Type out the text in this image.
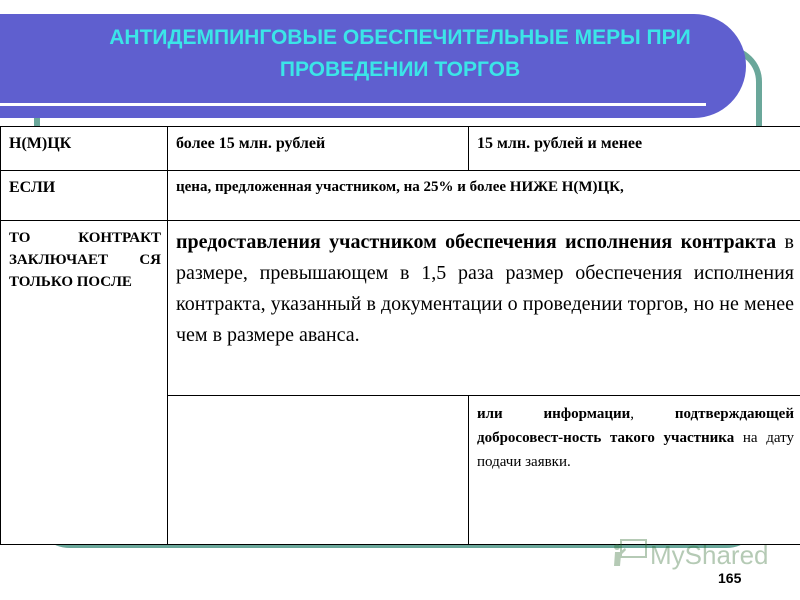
АНТИДЕМПИНГОВЫЕ ОБЕСПЕЧИТЕЛЬНЫЕ МЕРЫ ПРИ
ПРОВЕДЕНИИ ТОРГОВ
Н(М)ЦК	более 15 млн. рублей	15 млн. рублей и менее
ЕСЛИ	цена, предложенная участником, на 25% и более НИЖЕ Н(М)ЦК,	
ТО КОНТРАКТ ЗАКЛЮЧАЕТ СЯ ТОЛЬКО ПОСЛЕ	предоставления участником обеспечения исполнения контракта в размере, превышающем в 1,5 раза размер обеспечения исполнения контракта, указанный в документации о проведении торгов, но не менее чем в размере аванса.	
		или информации, подтверждающей добросовест-ность такого участника на дату подачи заявки.
MyShared
165
